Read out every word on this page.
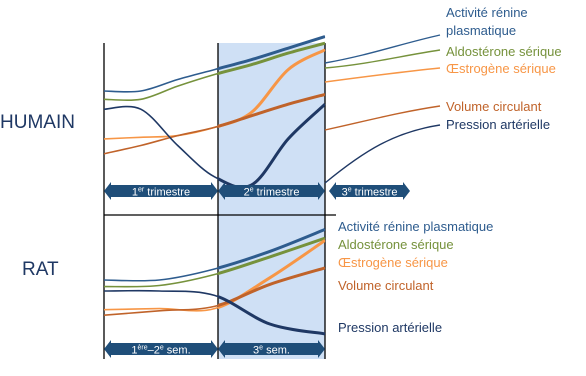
HUMAIN
RAT
Activité rénine
plasmatique
Aldostérone sérique
Œstrogène sérique
Volume circulant
Pression artérielle
Activité rénine plasmatique
Aldostérone sérique
Œstrogène sérique
Volume circulant
Pression artérielle
1er trimestre	2e trimestre	3e trimestre
1ère–2e sem.	3e sem.
